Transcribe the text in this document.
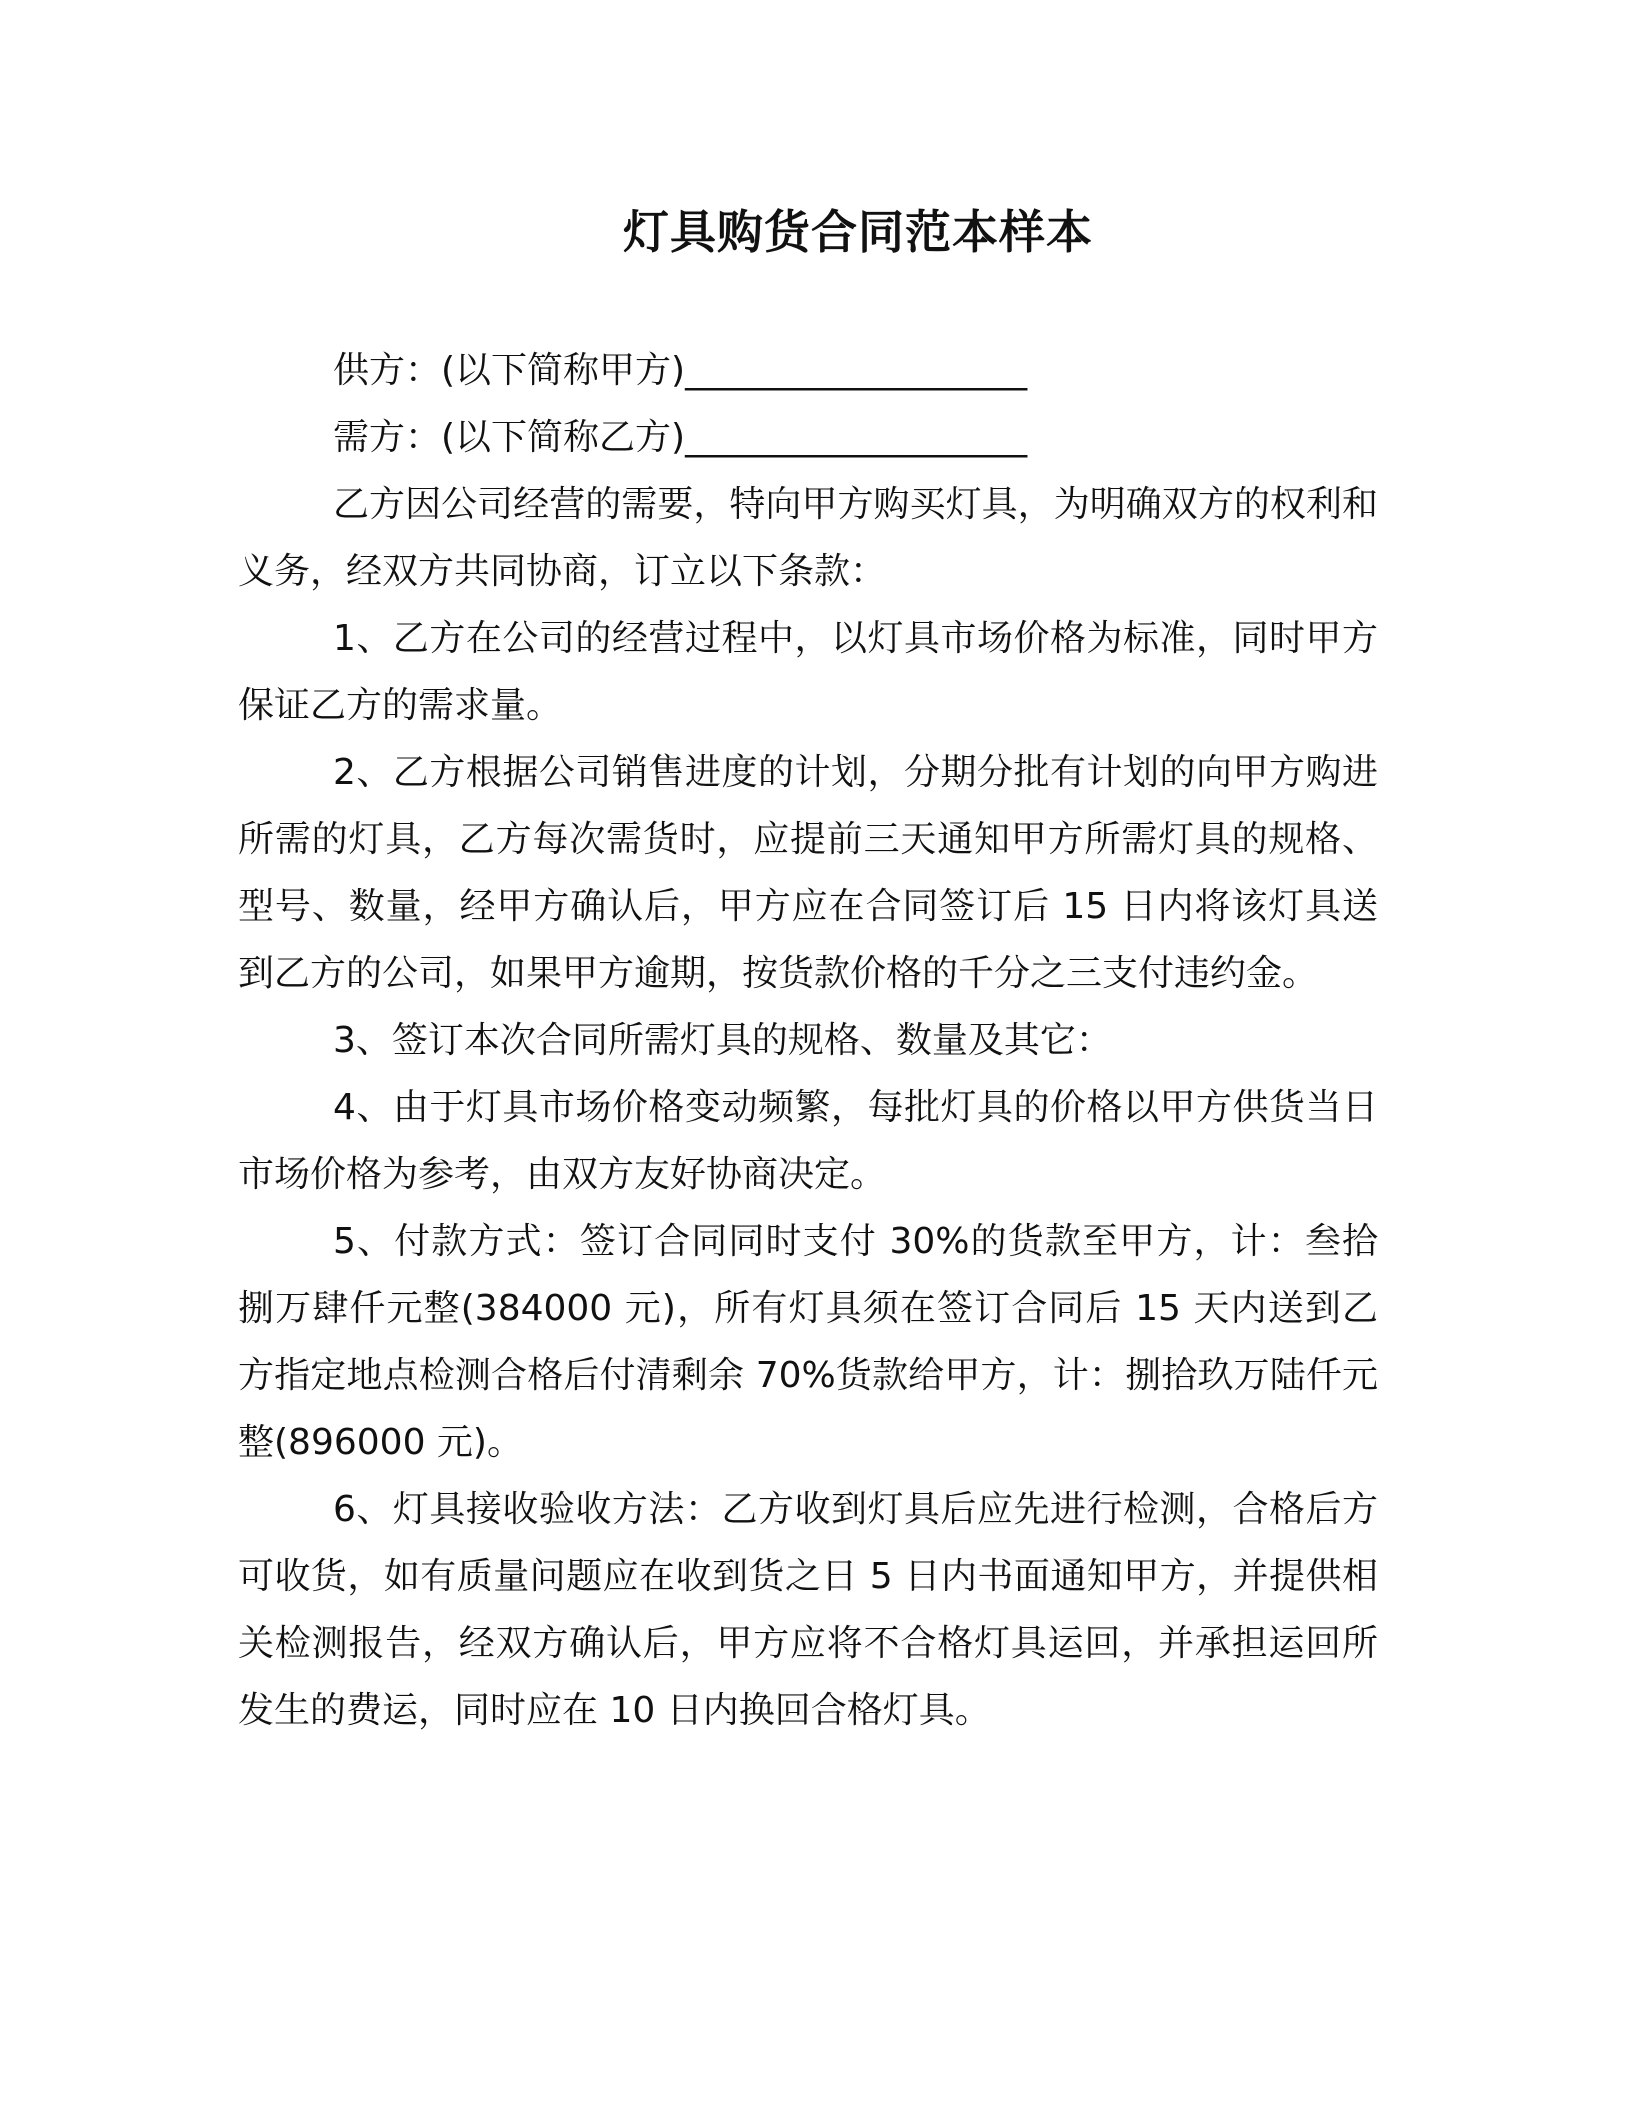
灯具购货合同范本样本

供方：(以下简称甲方)___________________

需方：(以下简称乙方)___________________

乙方因公司经营的需要，特向甲方购买灯具，为明确双方的权利和义务，经双方共同协商，订立以下条款：

1、乙方在公司的经营过程中，以灯具市场价格为标准，同时甲方保证乙方的需求量。

2、乙方根据公司销售进度的计划，分期分批有计划的向甲方购进所需的灯具，乙方每次需货时，应提前三天通知甲方所需灯具的规格、型号、数量，经甲方确认后，甲方应在合同签订后 15 日内将该灯具送到乙方的公司，如果甲方逾期，按货款价格的千分之三支付违约金。

3、签订本次合同所需灯具的规格、数量及其它：

4、由于灯具市场价格变动频繁，每批灯具的价格以甲方供货当日市场价格为参考，由双方友好协商决定。

5、付款方式：签订合同同时支付 30%的货款至甲方，计：叁拾捌万肆仟元整(384000 元)，所有灯具须在签订合同后 15 天内送到乙方指定地点检测合格后付清剩余 70%货款给甲方，计：捌拾玖万陆仟元整(896000 元)。

6、灯具接收验收方法：乙方收到灯具后应先进行检测，合格后方可收货，如有质量问题应在收到货之日 5 日内书面通知甲方，并提供相关检测报告，经双方确认后，甲方应将不合格灯具运回，并承担运回所发生的费运，同时应在 10 日内换回合格灯具。
